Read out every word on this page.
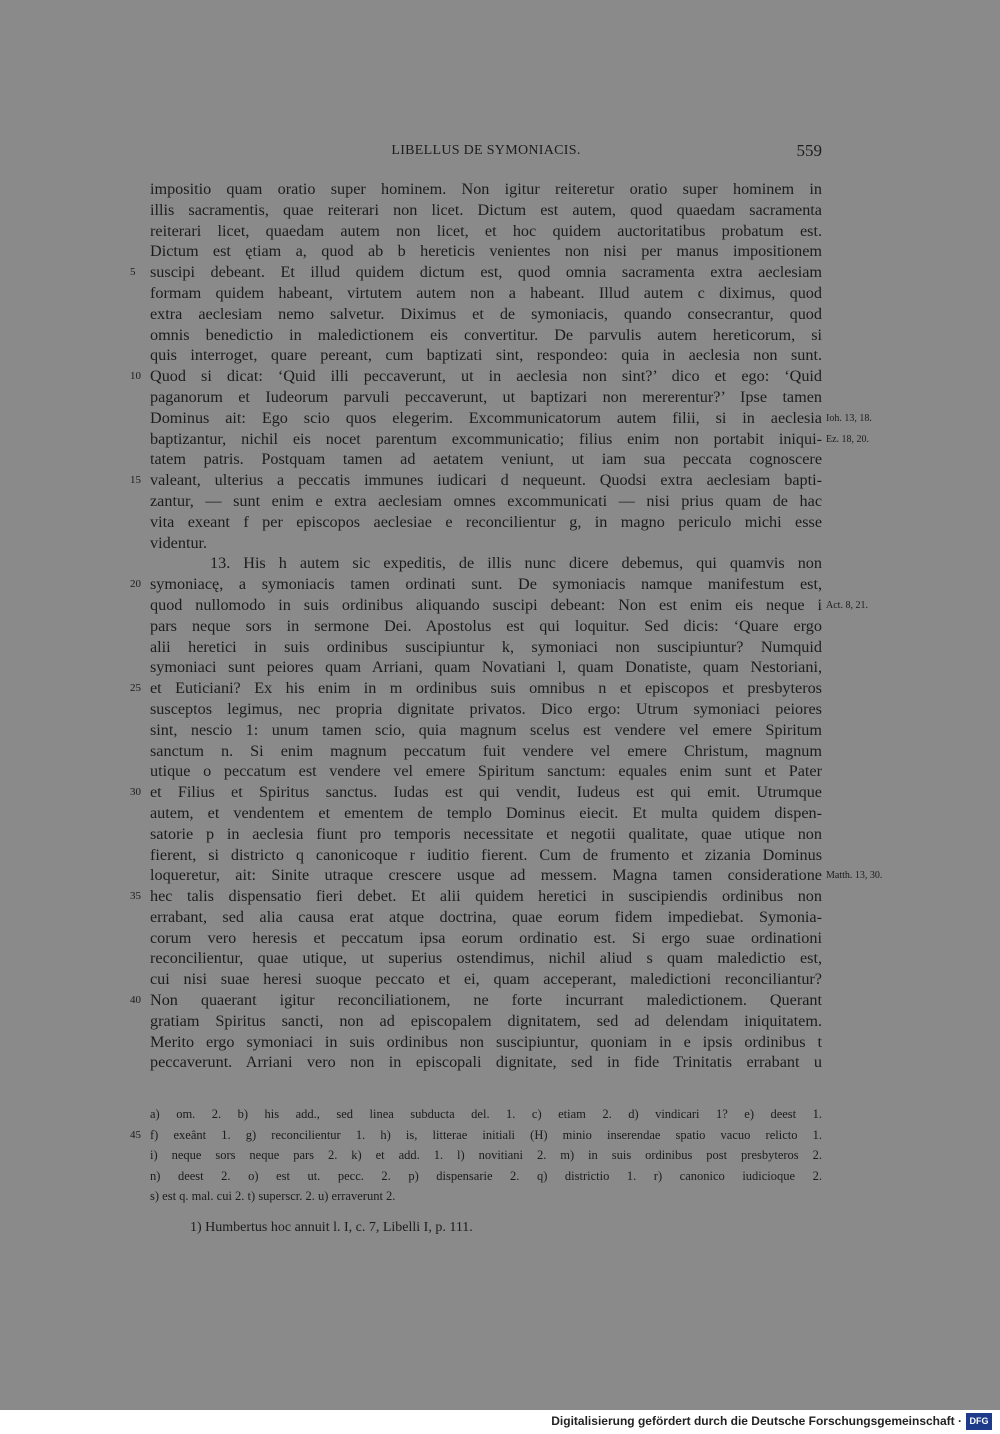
LIBELLUS DE SYMONIACIS.	559
impositio quam oratio super hominem. Non igitur reiteretur oratio super hominem in
illis sacramentis, quae reiterari non licet. Dictum est autem, quod quaedam sacramenta
reiterari licet, quaedam autem non licet, et hoc quidem auctoritatibus probatum est.
Dictum est ętiam a, quod ab b hereticis venientes non nisi per manus impositionem
5 suscipi debeant. Et illud quidem dictum est, quod omnia sacramenta extra aeclesiam
formam quidem habeant, virtutem autem non a habeant. Illud autem c diximus, quod
extra aeclesiam nemo salvetur. Diximus et de symoniacis, quando consecrantur, quod
omnis benedictio in maledictionem eis convertitur. De parvulis autem hereticorum, si
quis interroget, quare pereant, cum baptizati sint, respondeo: quia in aeclesia non sunt.
10 Quod si dicat: ‘Quid illi peccaverunt, ut in aeclesia non sint?’ dico et ego: ‘Quid
paganorum et Iudeorum parvuli peccaverunt, ut baptizari non mererentur?’ Ipse tamen
Dominus ait: Ego scio quos elegerim. Excommunicatorum autem filii, si in aeclesia Ioh. 13, 18.
baptizantur, nichil eis nocet parentum excommunicatio; filius enim non portabit iniqui- Ez. 18, 20.
tatem patris. Postquam tamen ad aetatem veniunt, ut iam sua peccata cognoscere
15 valeant, ulterius a peccatis immunes iudicari d nequeunt. Quodsi extra aeclesiam bapti-
zantur, — sunt enim e extra aeclesiam omnes excommunicati — nisi prius quam de hac
vita exeant f per episcopos aeclesiae e reconcilientur g, in magno periculo michi esse
videntur.
13. His h autem sic expeditis, de illis nunc dicere debemus, qui quamvis non
20 symoniacę, a symoniacis tamen ordinati sunt. De symoniacis namque manifestum est,
quod nullomodo in suis ordinibus aliquando suscipi debeant: Non est enim eis neque i Act. 8, 21.
pars neque sors in sermone Dei. Apostolus est qui loquitur. Sed dicis: ‘Quare ergo
alii heretici in suis ordinibus suscipiuntur k, symoniaci non suscipiuntur? Numquid
symoniaci sunt peiores quam Arriani, quam Novatiani l, quam Donatiste, quam Nestoriani,
25 et Euticiani? Ex his enim in m ordinibus suis omnibus n et episcopos et presbyteros
susceptos legimus, nec propria dignitate privatos. Dico ergo: Utrum symoniaci peiores
sint, nescio 1: unum tamen scio, quia magnum scelus est vendere vel emere Spiritum
sanctum n. Si enim magnum peccatum fuit vendere vel emere Christum, magnum
utique o peccatum est vendere vel emere Spiritum sanctum: equales enim sunt et Pater
30 et Filius et Spiritus sanctus. Iudas est qui vendit, Iudeus est qui emit. Utrumque
autem, et vendentem et ementem de templo Dominus eiecit. Et multa quidem dispen-
satorie p in aeclesia fiunt pro temporis necessitate et negotii qualitate, quae utique non
fierent, si districto q canonicoque r iuditio fierent. Cum de frumento et zizania Dominus
loqueretur, ait: Sinite utraque crescere usque ad messem. Magna tamen consideratione Matth. 13, 30.
35 hec talis dispensatio fieri debet. Et alii quidem heretici in suscipiendis ordinibus non
errabant, sed alia causa erat atque doctrina, quae eorum fidem impediebat. Symonia-
corum vero heresis et peccatum ipsa eorum ordinatio est. Si ergo suae ordinationi
reconcilientur, quae utique, ut superius ostendimus, nichil aliud s quam maledictio est,
cui nisi suae heresi suoque peccato et ei, quam acceperant, maledictioni reconciliantur?
40 Non quaerant igitur reconciliationem, ne forte incurrant maledictionem. Querant
gratiam Spiritus sancti, non ad episcopalem dignitatem, sed ad delendam iniquitatem.
Merito ergo symoniaci in suis ordinibus non suscipiuntur, quoniam in e ipsis ordinibus t
peccaverunt. Arriani vero non in episcopali dignitate, sed in fide Trinitatis errabant u
a) om. 2. b) his add., sed linea subducta del. 1. c) etiam 2. d) vindicari 1? e) deest 1.
45 f) exeânt 1. g) reconcilientur 1. h) is, litterae initiali (H) minio inserendae spatio vacuo relicto 1.
i) neque sors neque pars 2. k) et add. 1. l) novitiani 2. m) in suis ordinibus post presbyteros 2.
n) deest 2. o) est ut. pecc. 2. p) dispensarie 2. q) districtio 1. r) canonico iudicioque 2.
s) est q. mal. cui 2. t) superscr. 2. u) erraverunt 2.
1) Humbertus hoc annuit l. I, c. 7, Libelli I, p. 111.
Digitalisierung gefördert durch die Deutsche Forschungsgemeinschaft · DFG
